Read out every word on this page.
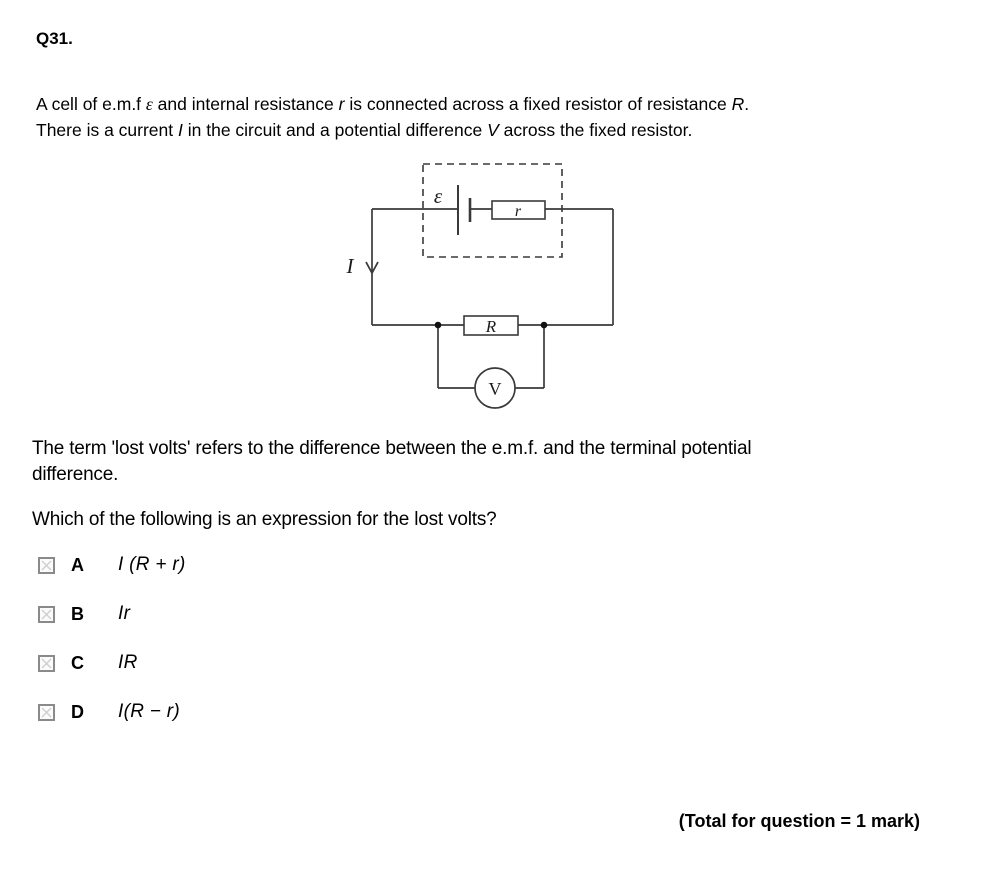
Q31.
A cell of e.m.f ε and internal resistance r is connected across a fixed resistor of resistance R.
There is a current I in the circuit and a potential difference V across the fixed resistor.
ε
r
I
R
V
The term 'lost volts' refers to the difference between the e.m.f. and the terminal potential
difference.
Which of the following is an expression for the lost volts?
A	I (R + r)
B	Ir
C	IR
D	I(R − r)
(Total for question = 1 mark)
